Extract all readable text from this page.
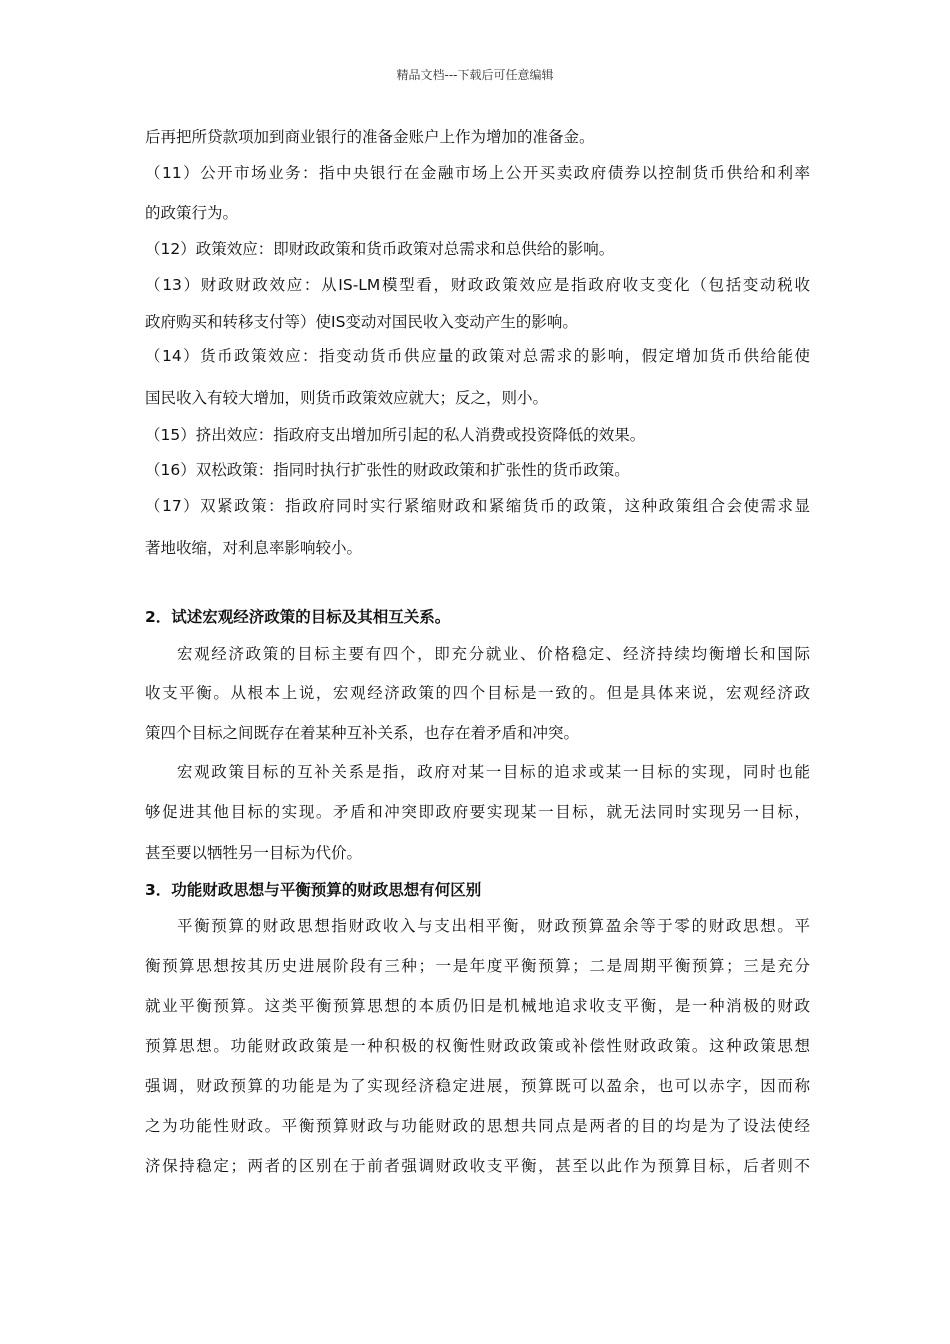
精品文档---下载后可任意编辑
后再把所贷款项加到商业银行的准备金账户上作为增加的准备金。
（11）公开市场业务：指中央银行在金融市场上公开买卖政府债券以控制货币供给和利率
的政策行为。
（12）政策效应：即财政政策和货币政策对总需求和总供给的影响。
（13）财政财政效应：从IS-LM模型看，财政政策效应是指政府收支变化（包括变动税收
政府购买和转移支付等）使IS变动对国民收入变动产生的影响。
（14）货币政策效应：指变动货币供应量的政策对总需求的影响，假定增加货币供给能使
国民收入有较大增加，则货币政策效应就大；反之，则小。
（15）挤出效应：指政府支出增加所引起的私人消费或投资降低的效果。
（16）双松政策：指同时执行扩张性的财政政策和扩张性的货币政策。
（17）双紧政策：指政府同时实行紧缩财政和紧缩货币的政策，这种政策组合会使需求显
著地收缩，对利息率影响较小。
2．试述宏观经济政策的目标及其相互关系。
宏观经济政策的目标主要有四个，即充分就业、价格稳定、经济持续均衡增长和国际
收支平衡。从根本上说，宏观经济政策的四个目标是一致的。但是具体来说，宏观经济政
策四个目标之间既存在着某种互补关系，也存在着矛盾和冲突。
宏观政策目标的互补关系是指，政府对某一目标的追求或某一目标的实现，同时也能
够促进其他目标的实现。矛盾和冲突即政府要实现某一目标，就无法同时实现另一目标，
甚至要以牺牲另一目标为代价。
3．功能财政思想与平衡预算的财政思想有何区别
平衡预算的财政思想指财政收入与支出相平衡，财政预算盈余等于零的财政思想。平
衡预算思想按其历史进展阶段有三种；一是年度平衡预算；二是周期平衡预算；三是充分
就业平衡预算。这类平衡预算思想的本质仍旧是机械地追求收支平衡，是一种消极的财政
预算思想。功能财政政策是一种积极的权衡性财政政策或补偿性财政政策。这种政策思想
强调，财政预算的功能是为了实现经济稳定进展，预算既可以盈余，也可以赤字，因而称
之为功能性财政。平衡预算财政与功能财政的思想共同点是两者的目的均是为了设法使经
济保持稳定；两者的区别在于前者强调财政收支平衡，甚至以此作为预算目标，后者则不
